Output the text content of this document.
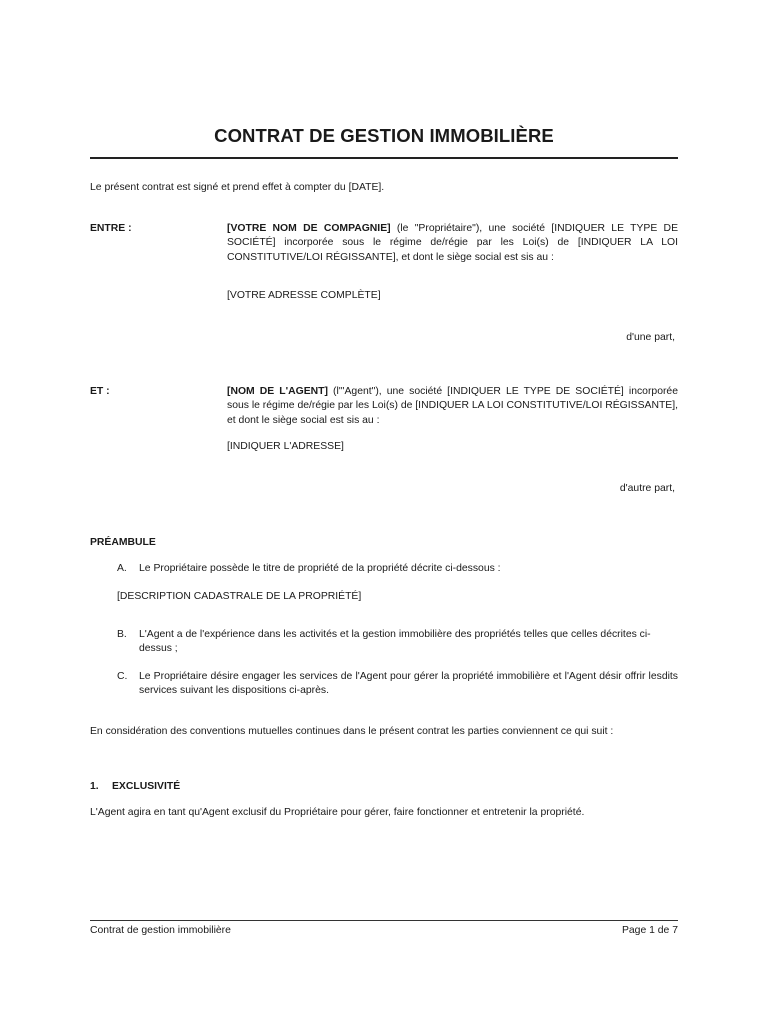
CONTRAT DE GESTION IMMOBILIÈRE

Le présent contrat est signé et prend effet à compter du [DATE].

ENTRE :	[VOTRE NOM DE COMPAGNIE] (le "Propriétaire"), une société [INDIQUER LE TYPE DE SOCIÉTÉ] incorporée sous le régime de/régie par les Loi(s) de [INDIQUER LA LOI CONSTITUTIVE/LOI RÉGISSANTE], et dont le siège social est sis au :

[VOTRE ADRESSE COMPLÈTE]

d'une part,

ET :	[NOM DE L'AGENT] (l'"Agent"), une société [INDIQUER LE TYPE DE SOCIÉTÉ] incorporée sous le régime de/régie par les Loi(s) de [INDIQUER LA LOI CONSTITUTIVE/LOI RÉGISSANTE], et dont le siège social est sis au :

[INDIQUER L'ADRESSE]

d'autre part,

PRÉAMBULE
A. Le Propriétaire possède le titre de propriété de la propriété décrite ci-dessous :

[DESCRIPTION CADASTRALE DE LA PROPRIÉTÉ]

B. L'Agent a de l'expérience dans les activités et la gestion immobilière des propriétés telles que celles décrites ci-dessus ;

C. Le Propriétaire désire engager les services de l'Agent pour gérer la propriété immobilière et l'Agent désir offrir lesdits services suivant les dispositions ci-après.

En considération des conventions mutuelles continues dans le présent contrat les parties conviennent ce qui suit :

1. EXCLUSIVITÉ

L'Agent agira en tant qu'Agent exclusif du Propriétaire pour gérer, faire fonctionner et entretenir la propriété.

Contrat de gestion immobilière	Page 1 de 7
